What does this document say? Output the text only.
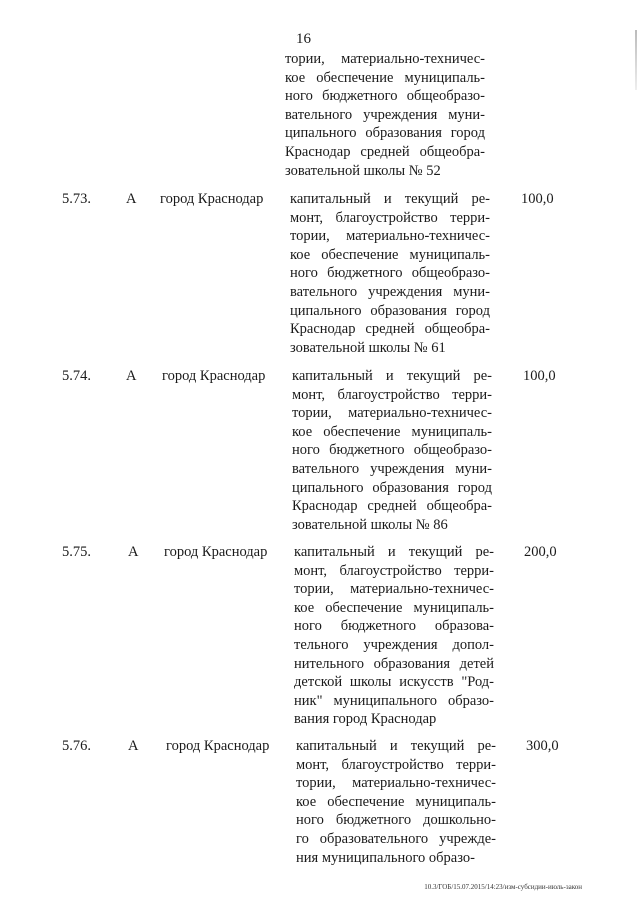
16
тории, материально-техничес-
кое обеспечение муниципаль-
ного бюджетного общеобразо-
вательного учреждения муни-
ципального образования город
Краснодар средней общеобра-
зовательной школы № 52
5.73. А город Краснодар капитальный и текущий ре-
монт, благоустройство терри-
тории, материально-техничес-
кое обеспечение муниципаль-
ного бюджетного общеобразо-
вательного учреждения муни-
ципального образования город
Краснодар средней общеобра-
зовательной школы № 61
100,0
5.74. А город Краснодар капитальный и текущий ре-
монт, благоустройство терри-
тории, материально-техничес-
кое обеспечение муниципаль-
ного бюджетного общеобразо-
вательного учреждения муни-
ципального образования город
Краснодар средней общеобра-
зовательной школы № 86
100,0
5.75.	А город Краснодар капитальный и текущий ре-
монт, благоустройство терри-
тории, материально-техничес-
кое обеспечение муниципаль-
ного бюджетного образова-
тельного учреждения допол-
нительного образования детей
детской школы искусств "Род-
ник" муниципального образо-
вания город Краснодар
200,0
5.76.	А город Краснодар капитальный и текущий ре-
монт, благоустройство терри-
тории, материально-техничес-
кое обеспечение муниципаль-
ного бюджетного дошкольно-
го образовательного учрежде-
ния муниципального образо-
300,0
10.3/ГОБ/15.07.2015/14:23/изм-субсидии-июль-закон
